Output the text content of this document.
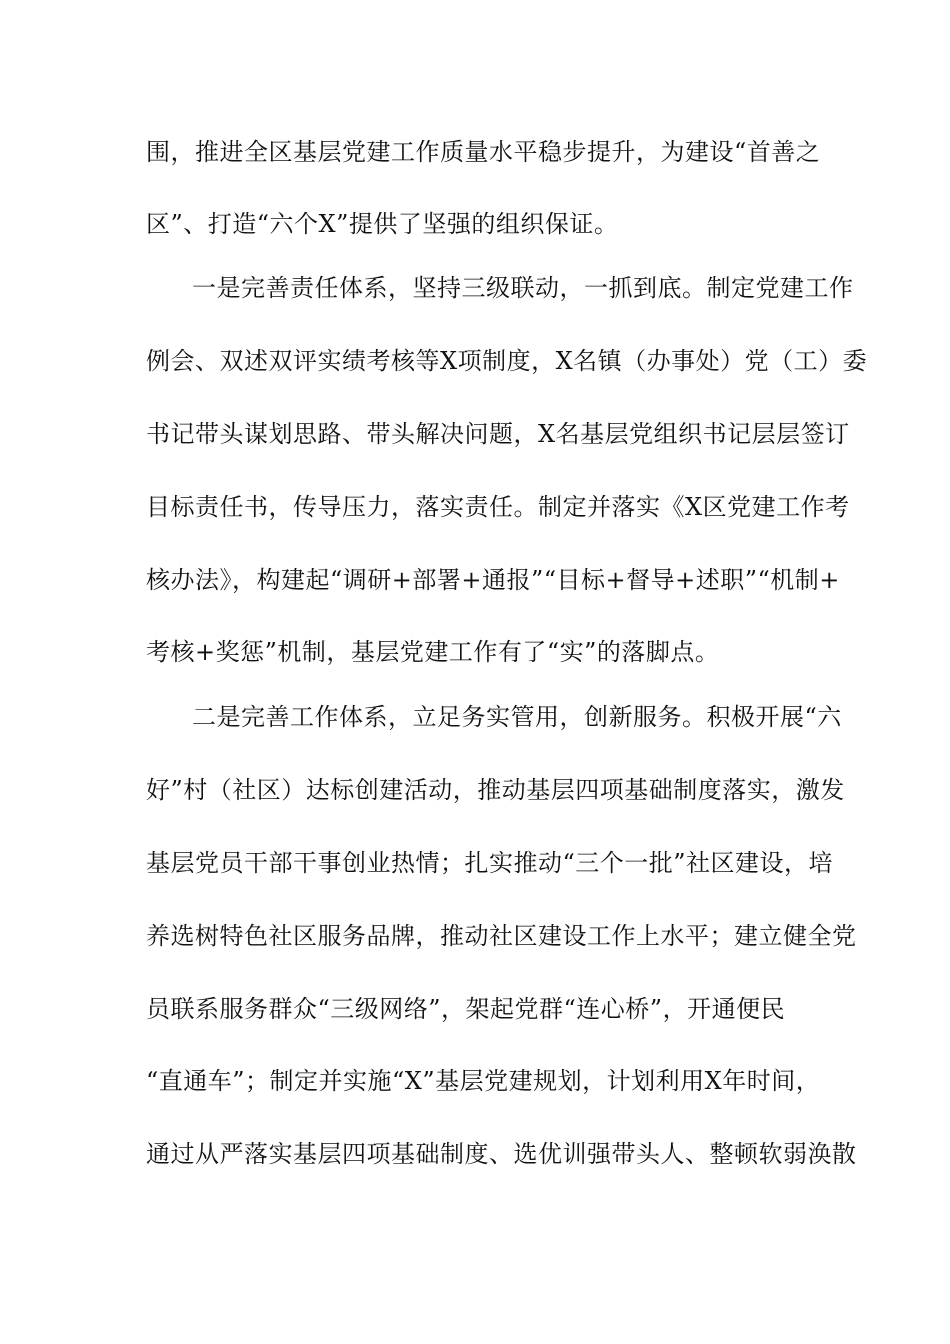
围，推进全区基层党建工作质量水平稳步提升，为建设“首善之
区”、打造“六个X”提供了坚强的组织保证。
一是完善责任体系，坚持三级联动，一抓到底。制定党建工作
例会、双述双评实绩考核等X项制度，X名镇（办事处）党（工）委
书记带头谋划思路、带头解决问题，X名基层党组织书记层层签订
目标责任书，传导压力，落实责任。制定并落实《X区党建工作考
核办法》，构建起“调研+部署+通报”“目标+督导+述职”“机制+
考核+奖惩”机制，基层党建工作有了“实”的落脚点。
二是完善工作体系，立足务实管用，创新服务。积极开展“六
好”村（社区）达标创建活动，推动基层四项基础制度落实，激发
基层党员干部干事创业热情；扎实推动“三个一批”社区建设，培
养选树特色社区服务品牌，推动社区建设工作上水平；建立健全党
员联系服务群众“三级网络”，架起党群“连心桥”，开通便民
“直通车”；制定并实施“X”基层党建规划，计划利用X年时间，
通过从严落实基层四项基础制度、选优训强带头人、整顿软弱涣散
